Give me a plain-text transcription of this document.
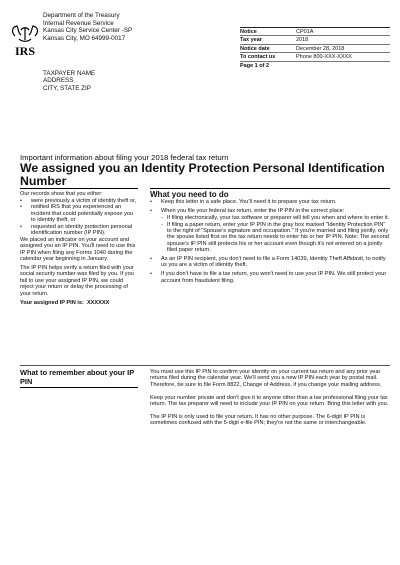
IRS
Department of the Treasury
Internal Revenue Service
Kansas City Service Center -SP
Kansas City, MO 64999-0017
Notice	CP01A
Tax year	2018
Notice date	December 28, 2018
To contact us	Phone 800-XXX-XXXX
Page 1 of 2	
TAXPAYER NAME
ADDRESS
CITY, STATE ZIP
Important information about filing your 2018 federal tax return
We assigned you an Identity Protection Personal Identification Number
Our records show that you either:
• were previously a victim of identity theft or,
• notified IRS that you experienced an incident that could potentially expose you to identity theft, or
• requested an identity protection personal identification number (IP PIN).

We placed an indicator on your account and assigned you an IP PIN. You'll need to use this IP PIN when filing any Forms 1040 during the calendar year beginning in January.

The IP PIN helps verify a return filed with your social security number was filed by you. If you fail to use your assigned IP PIN, we could reject your return or delay the processing of your return.

Your assigned IP PIN is: XXXXXX
What you need to do
• Keep this letter in a safe place. You'll need it to prepare your tax return.
• When you file your federal tax return, enter the IP PIN in the correct place:
- If filing electronically, your tax software or preparer will tell you when and where to enter it.
- If filing a paper return, enter your IP PIN in the gray box marked "Identity Protection PIN" to the right of "Spouse's signature and occupation." If you're married and filing jointly, only the spouse listed first on the tax return needs to enter his or her IP PIN. Note: The second spouse's IP PIN still protects his or her account even though it's not entered on a jointly filed paper return.
• As an IP PIN recipient, you don't need to file a Form 14039, Identity Theft Affidavit, to notify us you are a victim of identity theft.
• If you don't have to file a tax return, you won't need to use your IP PIN. We still protect your account from fraudulent filing.
What to remember about your IP PIN

You must use this IP PIN to confirm your identity on your current tax return and any prior year returns filed during the calendar year. We'll send you a new IP PIN each year by postal mail. Therefore, be sure to file Form 8822, Change of Address, if you change your mailing address.

Keep your number private and don't give it to anyone other than a tax professional filing your tax return. The tax preparer will need to include your IP PIN on your return. Bring this letter with you.

The IP PIN is only used to file your return. It has no other purpose. The 6-digit IP PIN is sometimes confused with the 5-digit e-file PIN; they're not the same or interchangeable.
